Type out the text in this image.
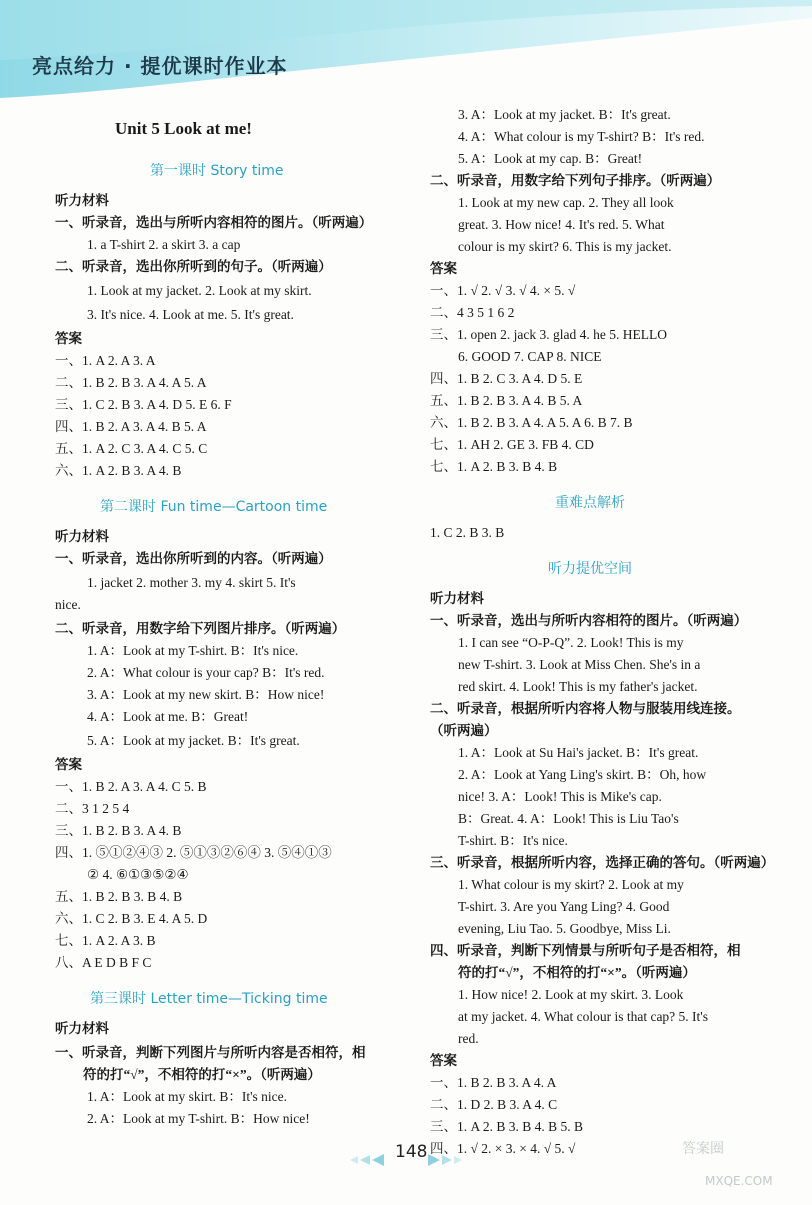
亮点给力 · 提优课时作业本
Unit 5 Look at me!
第一课时 Story time
听力材料
一、听录音，选出与所听内容相符的图片。（听两遍）
1. a T-shirt 2. a skirt 3. a cap
二、听录音，选出你所听到的句子。（听两遍）
1. Look at my jacket. 2. Look at my skirt.
3. It's nice. 4. Look at me. 5. It's great.
答案
一、1. A 2. A 3. A
二、1. B 2. B 3. A 4. A 5. A
三、1. C 2. B 3. A 4. D 5. E 6. F
四、1. B 2. A 3. A 4. B 5. A
五、1. A 2. C 3. A 4. C 5. C
六、1. A 2. B 3. A 4. B
第二课时 Fun time—Cartoon time
听力材料
一、听录音，选出你所听到的内容。（听两遍）
1. jacket 2. mother 3. my 4. skirt 5. It's
nice.
二、听录音，用数字给下列图片排序。（听两遍）
1. A：Look at my T-shirt. B：It's nice.
2. A：What colour is your cap? B：It's red.
3. A：Look at my new skirt. B：How nice!
4. A：Look at me. B：Great!
5. A：Look at my jacket. B：It's great.
答案
一、1. B 2. A 3. A 4. C 5. B
二、3 1 2 5 4
三、1. B 2. B 3. A 4. B
四、1. ⑤①②④③ 2. ⑤①③②⑥④ 3. ⑤④①③
② 4. ⑥①③⑤②④
五、1. B 2. B 3. B 4. B
六、1. C 2. B 3. E 4. A 5. D
七、1. A 2. A 3. B
八、A E D B F C
第三课时 Letter time—Ticking time
听力材料
一、听录音，判断下列图片与所听内容是否相符，相
符的打“√”，不相符的打“×”。（听两遍）
1. A：Look at my skirt. B：It's nice.
2. A：Look at my T-shirt. B：How nice!
3. A：Look at my jacket. B：It's great.
4. A：What colour is my T-shirt? B：It's red.
5. A：Look at my cap. B：Great!
二、听录音，用数字给下列句子排序。（听两遍）
1. Look at my new cap. 2. They all look
great. 3. How nice! 4. It's red. 5. What
colour is my skirt? 6. This is my jacket.
答案
一、1. √ 2. √ 3. √ 4. × 5. √
二、4 3 5 1 6 2
三、1. open 2. jack 3. glad 4. he 5. HELLO
6. GOOD 7. CAP 8. NICE
四、1. B 2. C 3. A 4. D 5. E
五、1. B 2. B 3. A 4. B 5. A
六、1. B 2. B 3. A 4. A 5. A 6. B 7. B
七、1. AH 2. GE 3. FB 4. CD
七、1. A 2. B 3. B 4. B
重难点解析
1. C 2. B 3. B
听力提优空间
听力材料
一、听录音，选出与所听内容相符的图片。（听两遍）
1. I can see “O-P-Q”. 2. Look! This is my
new T-shirt. 3. Look at Miss Chen. She's in a
red skirt. 4. Look! This is my father's jacket.
二、听录音，根据所听内容将人物与服装用线连接。
（听两遍）
1. A：Look at Su Hai's jacket. B：It's great.
2. A：Look at Yang Ling's skirt. B：Oh, how
nice! 3. A：Look! This is Mike's cap.
B：Great. 4. A：Look! This is Liu Tao's
T-shirt. B：It's nice.
三、听录音，根据所听内容，选择正确的答句。（听两遍）
1. What colour is my skirt? 2. Look at my
T-shirt. 3. Are you Yang Ling? 4. Good
evening, Liu Tao. 5. Goodbye, Miss Li.
四、听录音，判断下列情景与所听句子是否相符，相
符的打“√”，不相符的打“×”。（听两遍）
1. How nice! 2. Look at my skirt. 3. Look
at my jacket. 4. What colour is that cap? 5. It's
red.
答案
一、1. B 2. B 3. A 4. A
二、1. D 2. B 3. A 4. C
三、1. A 2. B 3. B 4. B 5. B
四、1. √ 2. × 3. × 4. √ 5. √
148	答案圈
MXQE.COM
